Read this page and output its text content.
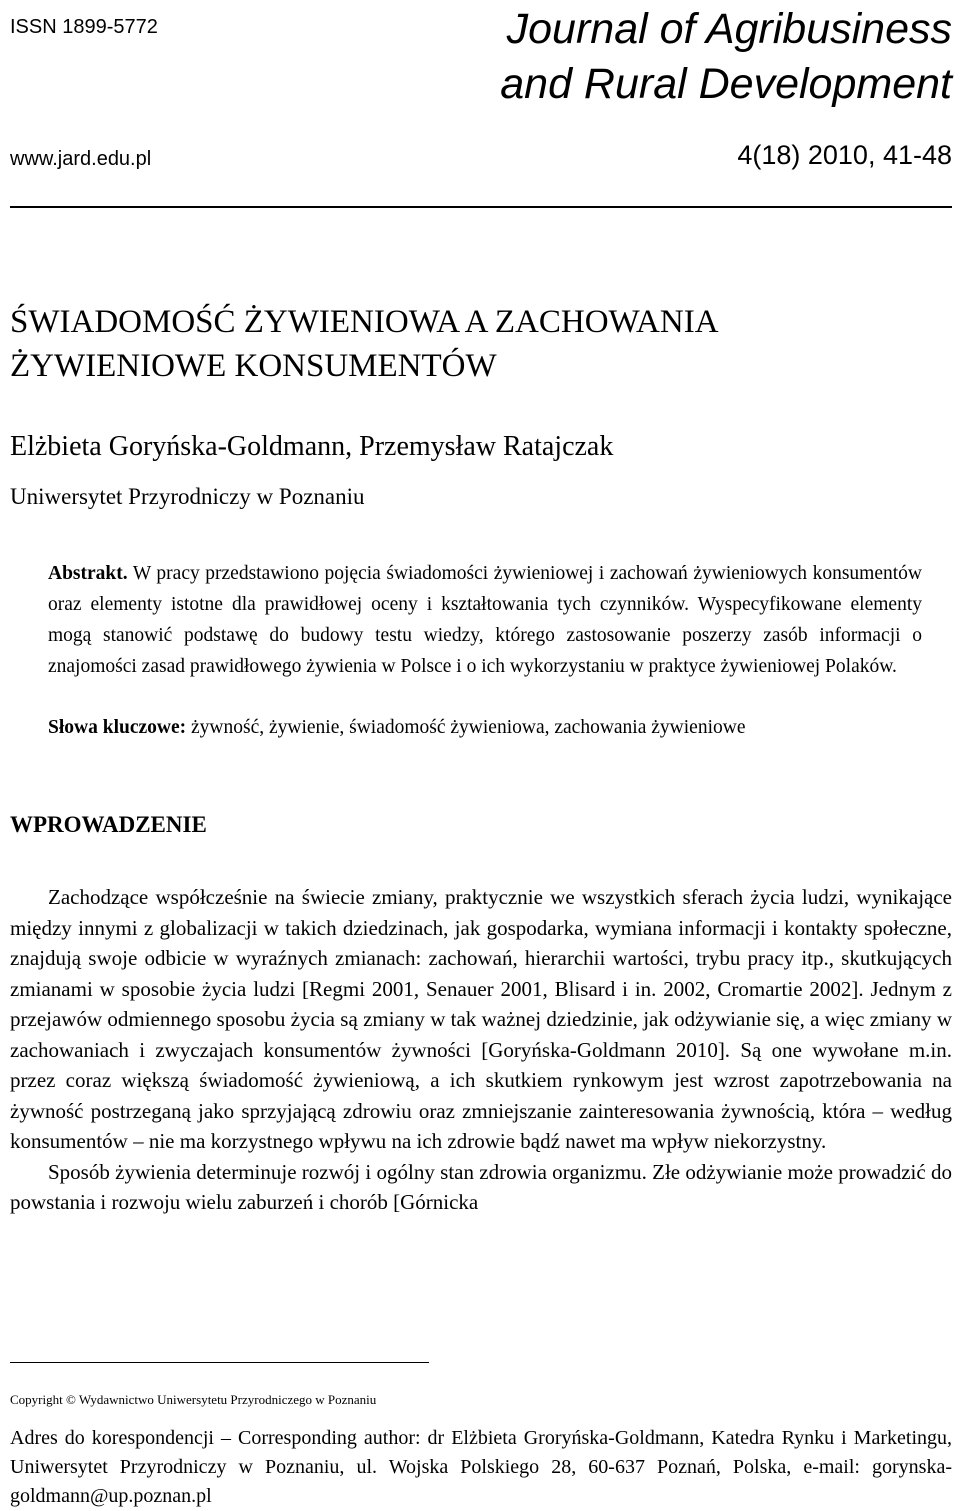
ISSN 1899-5772	Journal of Agribusiness
and Rural Development
www.jard.edu.pl	4(18) 2010, 41-48
ŚWIADOMOŚĆ ŻYWIENIOWA A ZACHOWANIA
ŻYWIENIOWE KONSUMENTÓW
Elżbieta Goryńska-Goldmann, Przemysław Ratajczak
Uniwersytet Przyrodniczy w Poznaniu
Abstrakt. W pracy przedstawiono pojęcia świadomości żywieniowej i zachowań żywieniowych konsumentów oraz elementy istotne dla prawidłowej oceny i kształtowania tych czynników. Wyspecyfikowane elementy mogą stanowić podstawę do budowy testu wiedzy, którego zastosowanie poszerzy zasób informacji o znajomości zasad prawidłowego żywienia w Polsce i o ich wykorzystaniu w praktyce żywieniowej Polaków.
Słowa kluczowe: żywność, żywienie, świadomość żywieniowa, zachowania żywieniowe
WPROWADZENIE

Zachodzące współcześnie na świecie zmiany, praktycznie we wszystkich sferach życia ludzi, wynikające między innymi z globalizacji w takich dziedzinach, jak gospodarka, wymiana informacji i kontakty społeczne, znajdują swoje odbicie w wyraźnych zmianach: zachowań, hierarchii wartości, trybu pracy itp., skutkujących zmianami w sposobie życia ludzi [Regmi 2001, Senauer 2001, Blisard i in. 2002, Cromartie 2002]. Jednym z przejawów odmiennego sposobu życia są zmiany w tak ważnej dziedzinie, jak odżywianie się, a więc zmiany w zachowaniach i zwyczajach konsumentów żywności [Goryńska-Goldmann 2010]. Są one wywołane m.in. przez coraz większą świadomość żywieniową, a ich skutkiem rynkowym jest wzrost zapotrzebowania na żywność postrzeganą jako sprzyjającą zdrowiu oraz zmniejszanie zainteresowania żywnością, która – według konsumentów – nie ma korzystnego wpływu na ich zdrowie bądź nawet ma wpływ niekorzystny.

Sposób żywienia determinuje rozwój i ogólny stan zdrowia organizmu. Złe odżywianie może prowadzić do powstania i rozwoju wielu zaburzeń i chorób [Górnicka

Copyright © Wydawnictwo Uniwersytetu Przyrodniczego w Poznaniu
Adres do korespondencji – Corresponding author: dr Elżbieta Groryńska-Goldmann, Katedra Rynku i Marketingu, Uniwersytet Przyrodniczy w Poznaniu, ul. Wojska Polskiego 28, 60-637 Poznań, Polska, e-mail: gorynska-goldmann@up.poznan.pl
